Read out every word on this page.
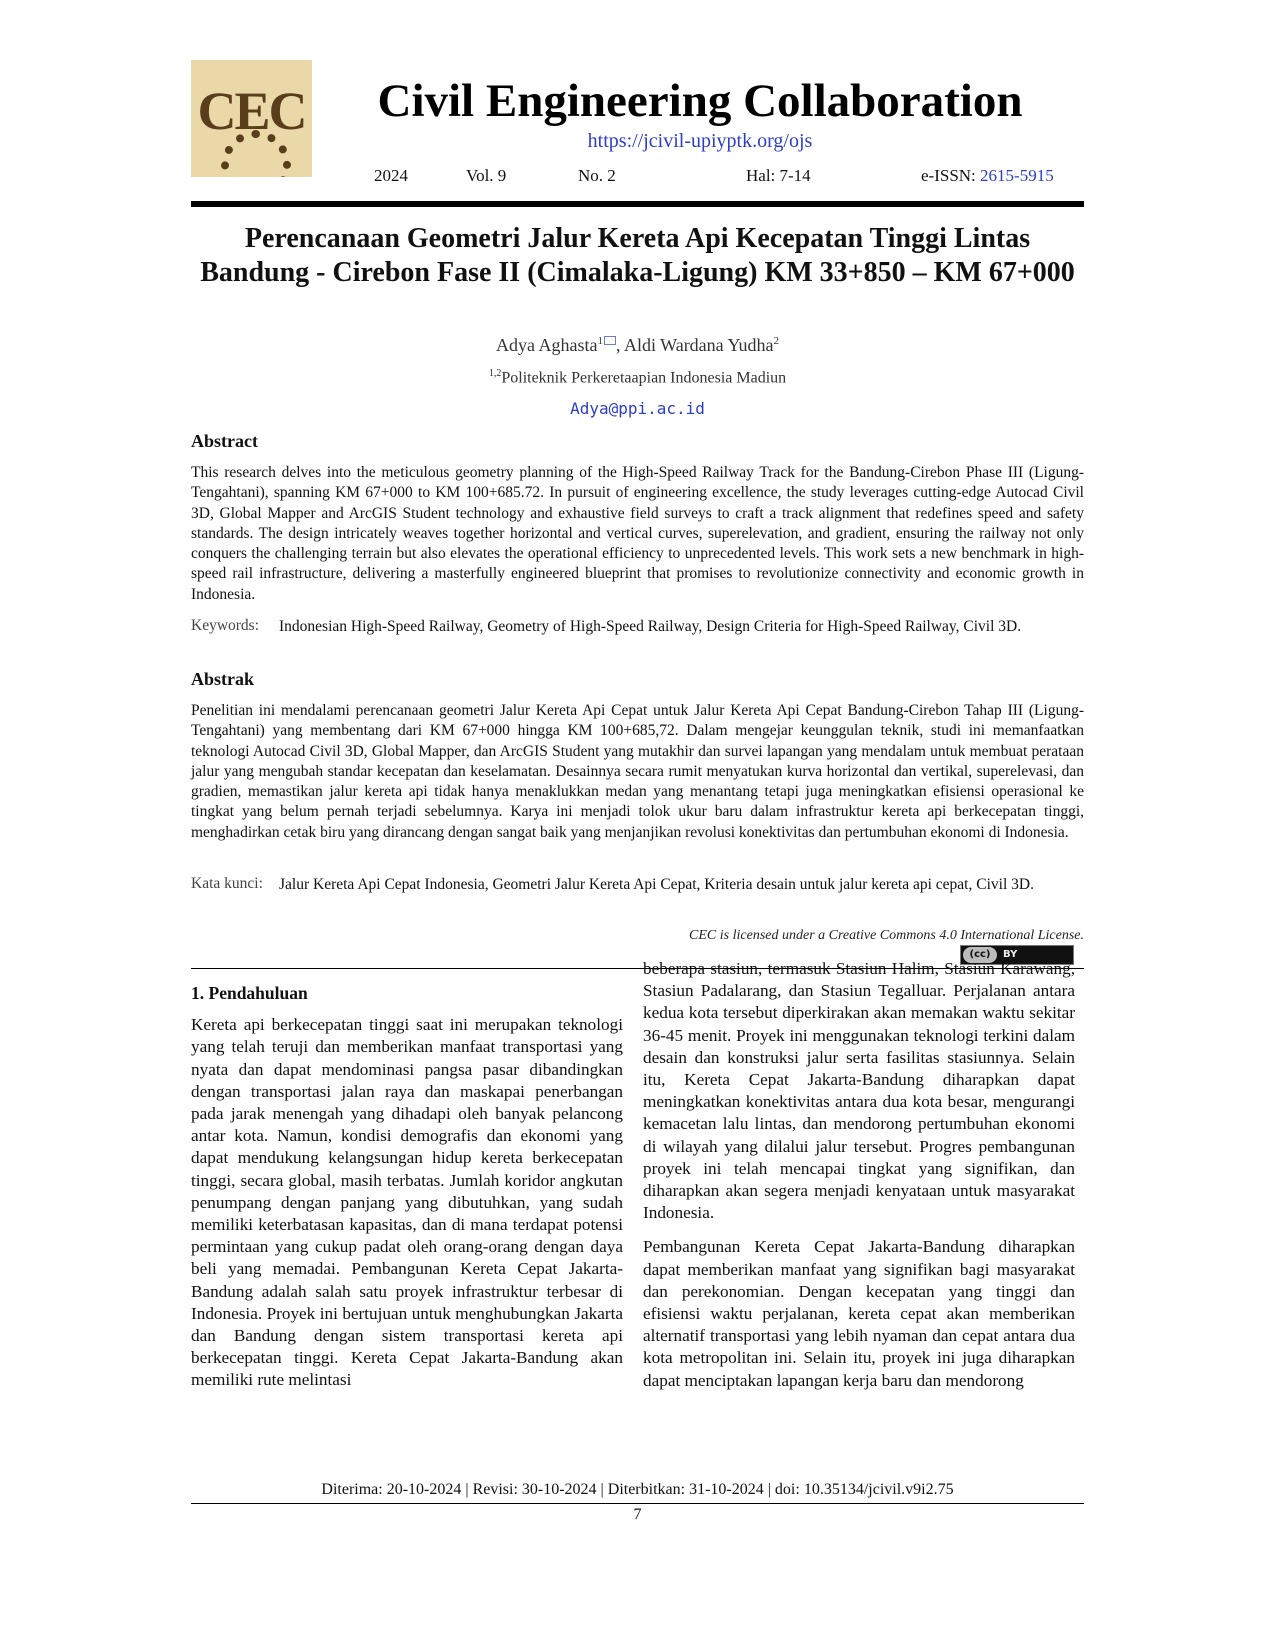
CEC	Civil Engineering Collaboration
https://jcivil-upiyptk.org/ojs
2024	Vol. 9	No. 2	Hal: 7-14	e-ISSN: 2615-5915
Perencanaan Geometri Jalur Kereta Api Kecepatan Tinggi Lintas Bandung - Cirebon Fase II (Cimalaka-Ligung) KM 33+850 – KM 67+000
Adya Aghasta$^1$ , Aldi Wardana Yudha$^2$
$^{1,2}$Politeknik Perkeretaapian Indonesia Madiun
Adya@ppi.ac.id
Abstract
This research delves into the meticulous geometry planning of the High-Speed Railway Track for the Bandung-Cirebon Phase III (Ligung-Tengahtani), spanning KM 67+000 to KM 100+685.72. In pursuit of engineering excellence, the study leverages cutting-edge Autocad Civil 3D, Global Mapper and ArcGIS Student technology and exhaustive field surveys to craft a track alignment that redefines speed and safety standards. The design intricately weaves together horizontal and vertical curves, superelevation, and gradient, ensuring the railway not only conquers the challenging terrain but also elevates the operational efficiency to unprecedented levels. This work sets a new benchmark in high-speed rail infrastructure, delivering a masterfully engineered blueprint that promises to revolutionize connectivity and economic growth in Indonesia.
Keywords: Indonesian High-Speed Railway, Geometry of High-Speed Railway, Design Criteria for High-Speed Railway, Civil 3D.
Abstrak
Penelitian ini mendalami perencanaan geometri Jalur Kereta Api Cepat untuk Jalur Kereta Api Cepat Bandung-Cirebon Tahap III (Ligung-Tengahtani) yang membentang dari KM 67+000 hingga KM 100+685,72. Dalam mengejar keunggulan teknik, studi ini memanfaatkan teknologi Autocad Civil 3D, Global Mapper, dan ArcGIS Student yang mutakhir dan survei lapangan yang mendalam untuk membuat perataan jalur yang mengubah standar kecepatan dan keselamatan. Desainnya secara rumit menyatukan kurva horizontal dan vertikal, superelevasi, dan gradien, memastikan jalur kereta api tidak hanya menaklukkan medan yang menantang tetapi juga meningkatkan efisiensi operasional ke tingkat yang belum pernah terjadi sebelumnya. Karya ini menjadi tolok ukur baru dalam infrastruktur kereta api berkecepatan tinggi, menghadirkan cetak biru yang dirancang dengan sangat baik yang menjanjikan revolusi konektivitas dan pertumbuhan ekonomi di Indonesia.
Kata kunci: Jalur Kereta Api Cepat Indonesia, Geometri Jalur Kereta Api Cepat, Kriteria desain untuk jalur kereta api cepat, Civil 3D.
CEC is licensed under a Creative Commons 4.0 International License.
(cc)	BY
1. Pendahuluan

Kereta api berkecepatan tinggi saat ini merupakan teknologi yang telah teruji dan memberikan manfaat transportasi yang nyata dan dapat mendominasi pangsa pasar dibandingkan dengan transportasi jalan raya dan maskapai penerbangan pada jarak menengah yang dihadapi oleh banyak pelancong antar kota. Namun, kondisi demografis dan ekonomi yang dapat mendukung kelangsungan hidup kereta berkecepatan tinggi, secara global, masih terbatas. Jumlah koridor angkutan penumpang dengan panjang yang dibutuhkan, yang sudah memiliki keterbatasan kapasitas, dan di mana terdapat potensi permintaan yang cukup padat oleh orang-orang dengan daya beli yang memadai. Pembangunan Kereta Cepat Jakarta-Bandung adalah salah satu proyek infrastruktur terbesar di Indonesia. Proyek ini bertujuan untuk menghubungkan Jakarta dan Bandung dengan sistem transportasi kereta api berkecepatan tinggi. Kereta Cepat Jakarta-Bandung akan memiliki rute melintasi

beberapa stasiun, termasuk Stasiun Halim, Stasiun Karawang, Stasiun Padalarang, dan Stasiun Tegalluar. Perjalanan antara kedua kota tersebut diperkirakan akan memakan waktu sekitar 36-45 menit. Proyek ini menggunakan teknologi terkini dalam desain dan konstruksi jalur serta fasilitas stasiunnya. Selain itu, Kereta Cepat Jakarta-Bandung diharapkan dapat meningkatkan konektivitas antara dua kota besar, mengurangi kemacetan lalu lintas, dan mendorong pertumbuhan ekonomi di wilayah yang dilalui jalur tersebut. Progres pembangunan proyek ini telah mencapai tingkat yang signifikan, dan diharapkan akan segera menjadi kenyataan untuk masyarakat Indonesia.

Pembangunan Kereta Cepat Jakarta-Bandung diharapkan dapat memberikan manfaat yang signifikan bagi masyarakat dan perekonomian. Dengan kecepatan yang tinggi dan efisiensi waktu perjalanan, kereta cepat akan memberikan alternatif transportasi yang lebih nyaman dan cepat antara dua kota metropolitan ini. Selain itu, proyek ini juga diharapkan dapat menciptakan lapangan kerja baru dan mendorong

Diterima: 20-10-2024 | Revisi: 30-10-2024 | Diterbitkan: 31-10-2024 | doi: 10.35134/jcivil.v9i2.75
7
